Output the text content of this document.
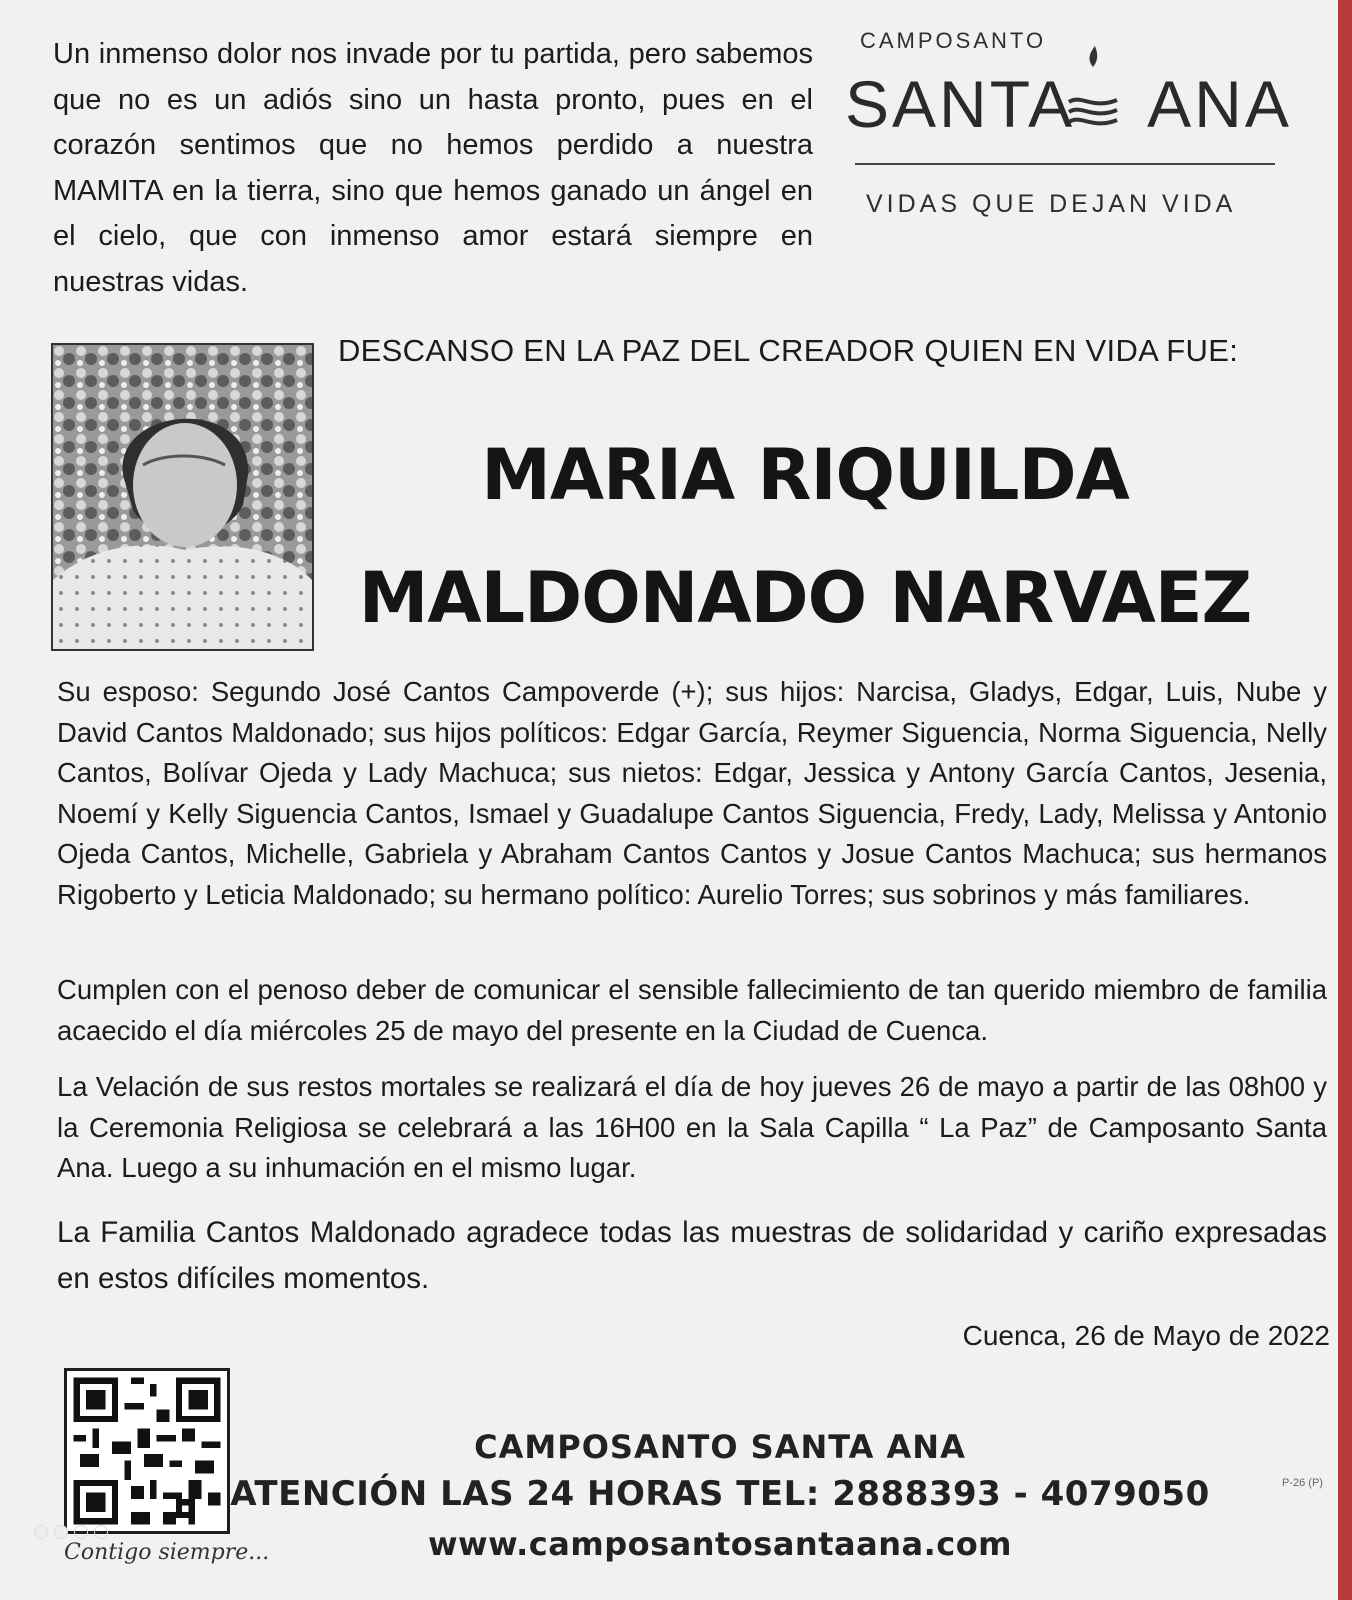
Un inmenso dolor nos invade por tu partida, pero sabemos que no es un adiós sino un hasta pronto, pues en el corazón sentimos que no hemos perdido a nuestra MAMITA en la tierra, sino que hemos ganado un ángel en el cielo, que con inmenso amor estará siempre en nuestras vidas.

CAMPOSANTO
SANTA ANA
VIDAS QUE DEJAN VIDA
DESCANSO EN LA PAZ DEL CREADOR QUIEN EN VIDA FUE:
MARIA RIQUILDA
MALDONADO NARVAEZ

Su esposo: Segundo José Cantos Campoverde (+); sus hijos: Narcisa, Gladys, Edgar, Luis, Nube y David Cantos Maldonado; sus hijos políticos: Edgar García, Reymer Siguencia, Norma Siguencia, Nelly Cantos, Bolívar Ojeda y Lady Machuca; sus nietos: Edgar, Jessica y Antony García Cantos, Jesenia, Noemí y Kelly Siguencia Cantos, Ismael y Guadalupe Cantos Siguencia, Fredy, Lady, Melissa y Antonio Ojeda Cantos, Michelle, Gabriela y Abraham Cantos Cantos y Josue Cantos Machuca; sus hermanos Rigoberto y Leticia Maldonado; su hermano político: Aurelio Torres; sus sobrinos y más familiares.

Cumplen con el penoso deber de comunicar el sensible fallecimiento de tan querido miembro de familia acaecido el día miércoles 25 de mayo del presente en la Ciudad de Cuenca.

La Velación de sus restos mortales se realizará el día de hoy jueves 26 de mayo a partir de las 08h00 y la Ceremonia Religiosa se celebrará a las 16H00 en la Sala Capilla “ La Paz” de Camposanto Santa Ana. Luego a su inhumación en el mismo lugar.

La Familia Cantos Maldonado agradece todas las muestras de solidaridad y cariño expresadas en estos difíciles momentos.

Cuenca, 26 de Mayo de 2022
Contigo siempre...
CAMPOSANTO SANTA ANA
ATENCIÓN LAS 24 HORAS TEL: 2888393 - 4079050
www.camposantosantaana.com
P-26 (P)
